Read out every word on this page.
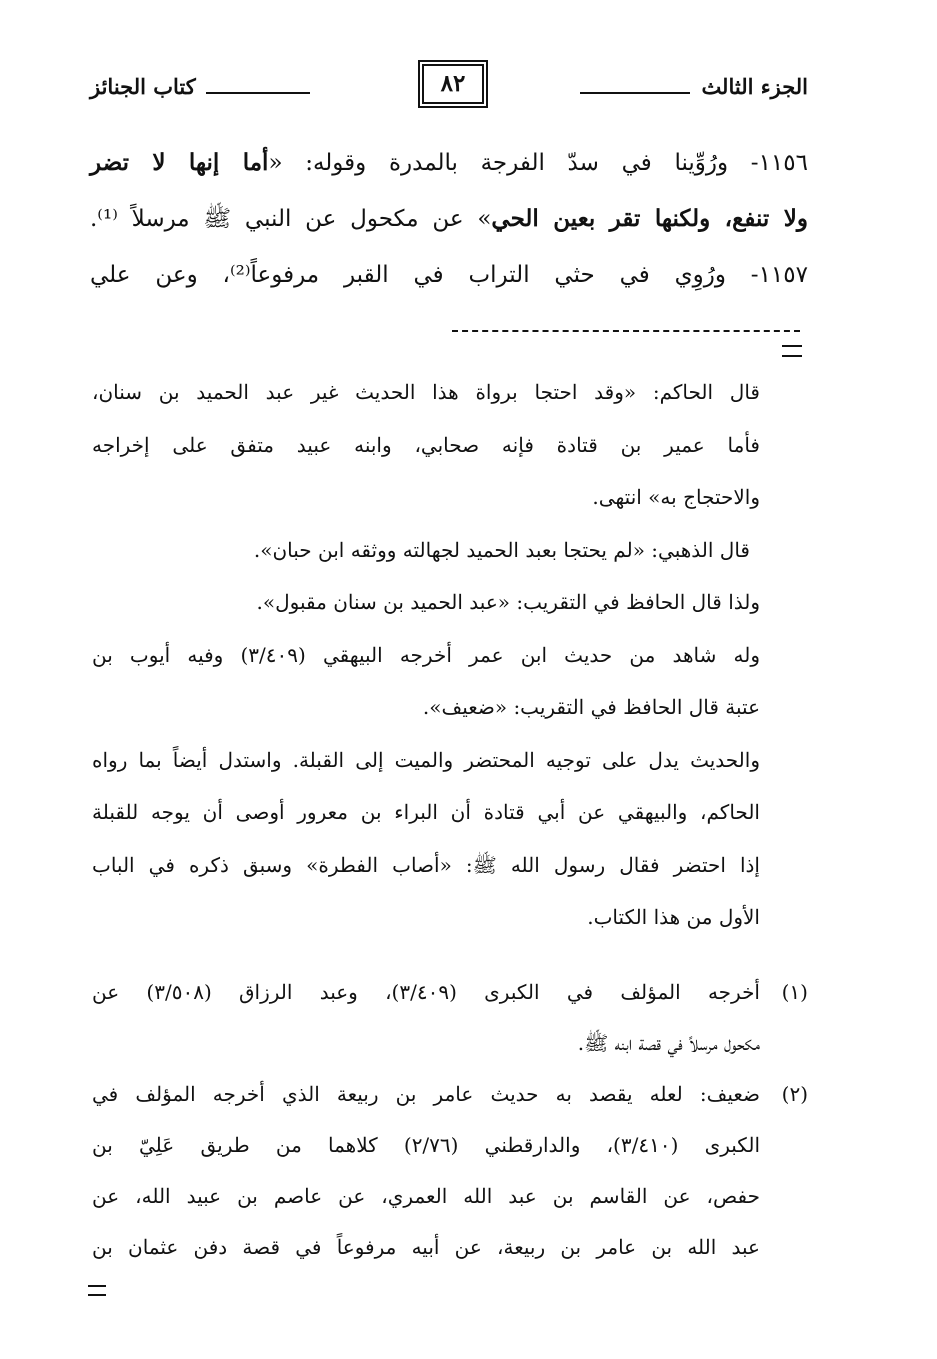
الجزء الثالث
٨٢
كتاب الجنائز
١١٥٦- ورُوِّينا في سدّ الفرجة بالمدرة وقوله: «أما إنها لا تضر
ولا تنفع، ولكنها تقر بعين الحي» عن مكحول عن النبي ﷺ مرسلاً ⁽¹⁾.
١١٥٧- ورُوِي في حثي التراب في القبر مرفوعاً⁽²⁾، وعن علي
قال الحاكم: «وقد احتجا برواة هذا الحديث غير عبد الحميد بن سنان،
فأما عمير بن قتادة فإنه صحابي، وابنه عبيد متفق على إخراجه
والاحتجاج به» انتهى.
قال الذهبي: «لم يحتجا بعبد الحميد لجهالته ووثقه ابن حبان».
ولذا قال الحافظ في التقريب: «عبد الحميد بن سنان مقبول».
وله شاهد من حديث ابن عمر أخرجه البيهقي (٣/٤٠٩) وفيه أيوب بن
عتبة قال الحافظ في التقريب: «ضعيف».
والحديث يدل على توجيه المحتضر والميت إلى القبلة. واستدل أيضاً بما رواه
الحاكم، والبيهقي عن أبي قتادة أن البراء بن معرور أوصى أن يوجه للقبلة
إذا احتضر فقال رسول الله ﷺ: «أصاب الفطرة» وسبق ذكره في الباب
الأول من هذا الكتاب.
(١)أخرجه المؤلف في الكبرى (٣/٤٠٩)، وعبد الرزاق (٣/٥٠٨) عن
مكحول مرسلاً في قصة ابنه ﷺ.
(٢)ضعيف: لعله يقصد به حديث عامر بن ربيعة الذي أخرجه المؤلف في
الكبرى (٣/٤١٠)، والدارقطني (٢/٧٦) كلاهما من طريق عَلِيّ بن
حفص، عن القاسم بن عبد الله العمري، عن عاصم بن عبيد الله، عن
عبد الله بن عامر بن ربيعة، عن أبيه مرفوعاً في قصة دفن عثمان بن
